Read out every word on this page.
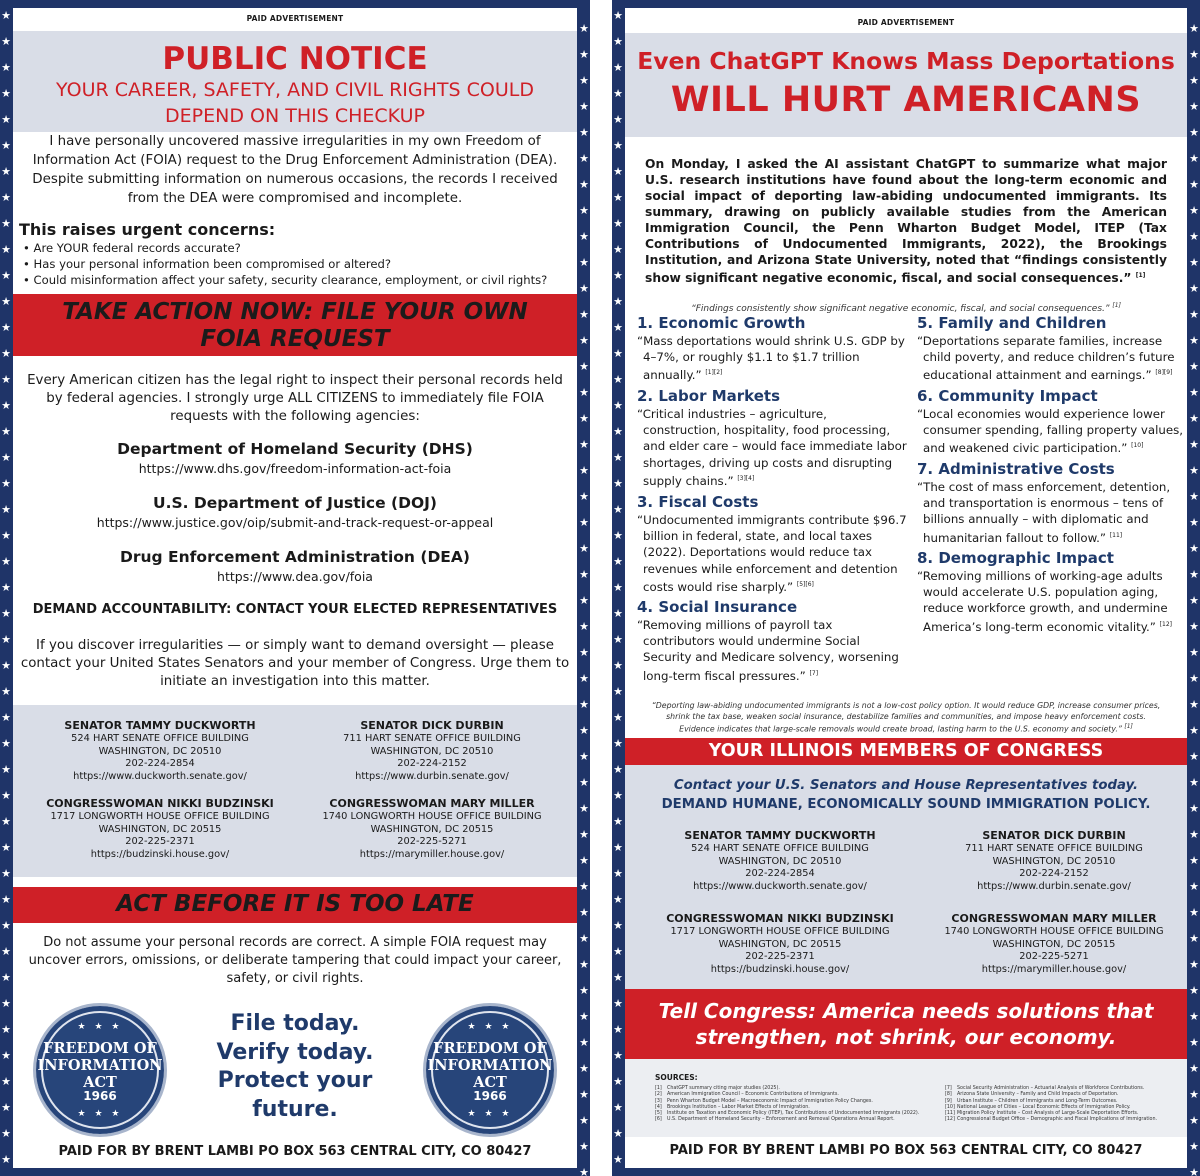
★
★
★
★
★
★
★
★
★
★
★
★
★
★
★
★
★
★
★
★
★
★
★
★
★
★
★
★
★
★
★
★
★
★
★
★
★
★
★
★
★
★
★
★
★
★
★
★
★
★
★
★
★
★
★
★
★
★
★
★
★
★
★
★
★
★
★
★
★
★
★
★
★
★
★
★
★
★
★
★
★
★
★
★
★
★
★
★
★
★
PAID ADVERTISEMENT
PUBLIC NOTICE
YOUR CAREER, SAFETY, AND CIVIL RIGHTS COULD
DEPEND ON THIS CHECKUP
I have personally uncovered massive irregularities in my own Freedom of Information Act (FOIA) request to the Drug Enforcement Administration (DEA). Despite submitting information on numerous occasions, the records I received from the DEA were compromised and incomplete.
This raises urgent concerns:
• Are YOUR federal records accurate?
• Has your personal information been compromised or altered?
• Could misinformation affect your safety, security clearance, employment, or civil rights?
TAKE ACTION NOW: FILE YOUR OWN
FOIA REQUEST
Every American citizen has the legal right to inspect their personal records held by federal agencies. I strongly urge ALL CITIZENS to immediately file FOIA requests with the following agencies:
Department of Homeland Security (DHS)
https://www.dhs.gov/freedom-information-act-foia
U.S. Department of Justice (DOJ)
https://www.justice.gov/oip/submit-and-track-request-or-appeal
Drug Enforcement Administration (DEA)
https://www.dea.gov/foia
DEMAND ACCOUNTABILITY: CONTACT YOUR ELECTED REPRESENTATIVES
If you discover irregularities — or simply want to demand oversight — please contact your United States Senators and your member of Congress. Urge them to initiate an investigation into this matter.
SENATOR TAMMY DUCKWORTH
524 HART SENATE OFFICE BUILDING
WASHINGTON, DC 20510
202-224-2854
https://www.duckworth.senate.gov/
SENATOR DICK DURBIN
711 HART SENATE OFFICE BUILDING
WASHINGTON, DC 20510
202-224-2152
https://www.durbin.senate.gov/
CONGRESSWOMAN NIKKI BUDZINSKI
1717 LONGWORTH HOUSE OFFICE BUILDING
WASHINGTON, DC 20515
202-225-2371
https://budzinski.house.gov/
CONGRESSWOMAN MARY MILLER
1740 LONGWORTH HOUSE OFFICE BUILDING
WASHINGTON, DC 20515
202-225-5271
https://marymiller.house.gov/
ACT BEFORE IT IS TOO LATE
Do not assume your personal records are correct. A simple FOIA request may uncover errors, omissions, or deliberate tampering that could impact your career, safety, or civil rights.
★ ★ ★
FREEDOM OF
INFORMATION ACT
1966
★ ★ ★
File today.
Verify today.
Protect your
future.
★ ★ ★
FREEDOM OF
INFORMATION ACT
1966
★ ★ ★
PAID FOR BY BRENT LAMBI PO BOX 563 CENTRAL CITY, CO 80427
★
★
★
★
★
★
★
★
★
★
★
★
★
★
★
★
★
★
★
★
★
★
★
★
★
★
★
★
★
★
★
★
★
★
★
★
★
★
★
★
★
★
★
★
★
★
★
★
★
★
★
★
★
★
★
★
★
★
★
★
★
★
★
★
★
★
★
★
★
★
★
★
★
★
★
★
★
★
★
★
★
★
★
★
★
★
★
★
★
★
PAID ADVERTISEMENT
Even ChatGPT Knows Mass Deportations
WILL HURT AMERICANS
On Monday, I asked the AI assistant ChatGPT to summarize what major U.S. research institutions have found about the long-term economic and social impact of deporting law-abiding undocumented immigrants. Its summary, drawing on publicly available studies from the American Immigration Council, the Penn Wharton Budget Model, ITEP (Tax Contributions of Undocumented Immigrants, 2022), the Brookings Institution, and Arizona State University, noted that “findings consistently show significant negative economic, fiscal, and social consequences.” [1]
“Findings consistently show significant negative economic, fiscal, and social consequences.” [1]
1. Economic Growth
“Mass deportations would shrink U.S. GDP by 4–7%, or roughly $1.1 to $1.7 trillion annually.” [1][2]
2. Labor Markets
“Critical industries – agriculture, construction, hospitality, food processing, and elder care – would face immediate labor shortages, driving up costs and disrupting supply chains.” [3][4]
3. Fiscal Costs
“Undocumented immigrants contribute $96.7 billion in federal, state, and local taxes (2022). Deportations would reduce tax revenues while enforcement and detention costs would rise sharply.” [5][6]
4. Social Insurance
“Removing millions of payroll tax contributors would undermine Social Security and Medicare solvency, worsening long-term fiscal pressures.” [7]
5. Family and Children
“Deportations separate families, increase child poverty, and reduce children’s future educational attainment and earnings.” [8][9]
6. Community Impact
“Local economies would experience lower consumer spending, falling property values, and weakened civic participation.” [10]
7. Administrative Costs
“The cost of mass enforcement, detention, and transportation is enormous – tens of billions annually – with diplomatic and humanitarian fallout to follow.” [11]
8. Demographic Impact
“Removing millions of working-age adults would accelerate U.S. population aging, reduce workforce growth, and undermine America’s long-term economic vitality.” [12]
“Deporting law-abiding undocumented immigrants is not a low-cost policy option. It would reduce GDP, increase consumer prices, shrink the tax base, weaken social insurance, destabilize families and communities, and impose heavy enforcement costs. Evidence indicates that large-scale removals would create broad, lasting harm to the U.S. economy and society.” [1]
YOUR ILLINOIS MEMBERS OF CONGRESS
SENATOR TAMMY DUCKWORTH
524 HART SENATE OFFICE BUILDING
WASHINGTON, DC 20510
202-224-2854
https://www.duckworth.senate.gov/
SENATOR DICK DURBIN
711 HART SENATE OFFICE BUILDING
WASHINGTON, DC 20510
202-224-2152
https://www.durbin.senate.gov/
CONGRESSWOMAN NIKKI BUDZINSKI
1717 LONGWORTH HOUSE OFFICE BUILDING
WASHINGTON, DC 20515
202-225-2371
https://budzinski.house.gov/
CONGRESSWOMAN MARY MILLER
1740 LONGWORTH HOUSE OFFICE BUILDING
WASHINGTON, DC 20515
202-225-5271
https://marymiller.house.gov/
Contact your U.S. Senators and House Representatives today.
DEMAND HUMANE, ECONOMICALLY SOUND IMMIGRATION POLICY.
Tell Congress: America needs solutions that
strengthen, not shrink, our economy.
SOURCES:
[1] ChatGPT summary citing major studies (2025).
[2] American Immigration Council – Economic Contributions of Immigrants.
[3] Penn Wharton Budget Model – Macroeconomic Impact of Immigration Policy Changes.
[4] Brookings Institution – Labor Market Effects of Immigration.
[5] Institute on Taxation and Economic Policy (ITEP), Tax Contributions of Undocumented Immigrants (2022).
[6] U.S. Department of Homeland Security – Enforcement and Removal Operations Annual Report.
[7] Social Security Administration – Actuarial Analysis of Workforce Contributions.
[8] Arizona State University – Family and Child Impacts of Deportation.
[9] Urban Institute – Children of Immigrants and Long-Term Outcomes.
[10] National League of Cities – Local Economic Effects of Immigration Policy.
[11] Migration Policy Institute – Cost Analysis of Large-Scale Deportation Efforts.
[12] Congressional Budget Office – Demographic and Fiscal Implications of Immigration.
PAID FOR BY BRENT LAMBI PO BOX 563 CENTRAL CITY, CO 80427
